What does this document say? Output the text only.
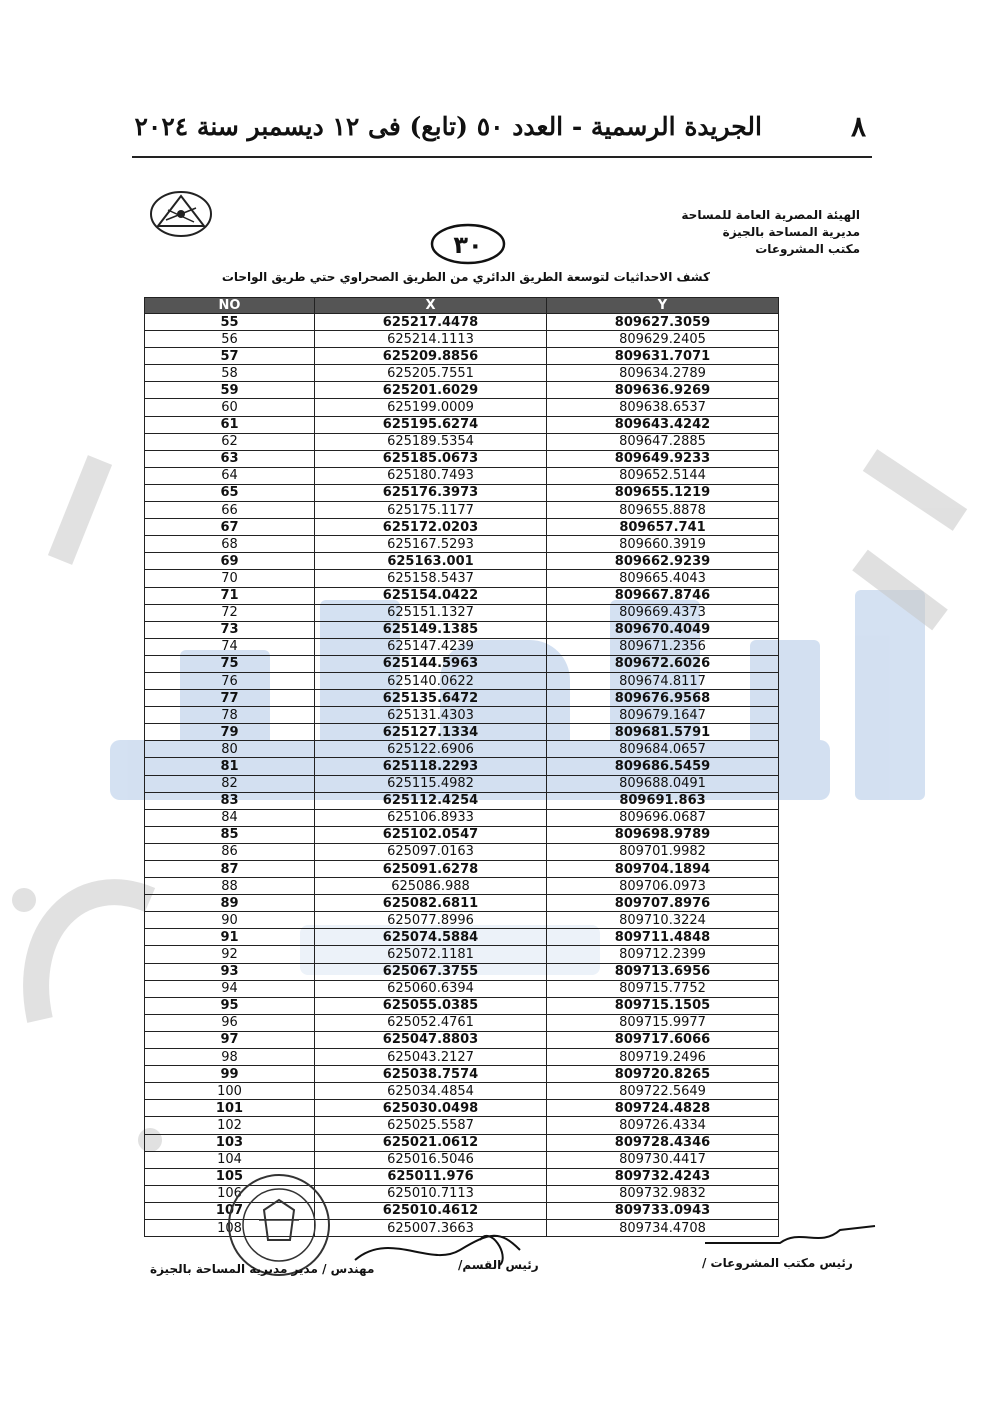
الجريدة الرسمية - العدد ٥٠ (تابع) فى ١٢ ديسمبر سنة ٢٠٢٤	٨
الهيئة المصرية العامة للمساحة
مديرية المساحة بالجيزة
مكتب المشروعات
٣٠
كشف الاحداثيات لتوسعة الطريق الدائري من الطريق الصحراوي حتي طريق الواحات
NO	X	Y
55	625217.4478	809627.3059
56	625214.1113	809629.2405
57	625209.8856	809631.7071
58	625205.7551	809634.2789
59	625201.6029	809636.9269
60	625199.0009	809638.6537
61	625195.6274	809643.4242
62	625189.5354	809647.2885
63	625185.0673	809649.9233
64	625180.7493	809652.5144
65	625176.3973	809655.1219
66	625175.1177	809655.8878
67	625172.0203	809657.741
68	625167.5293	809660.3919
69	625163.001	809662.9239
70	625158.5437	809665.4043
71	625154.0422	809667.8746
72	625151.1327	809669.4373
73	625149.1385	809670.4049
74	625147.4239	809671.2356
75	625144.5963	809672.6026
76	625140.0622	809674.8117
77	625135.6472	809676.9568
78	625131.4303	809679.1647
79	625127.1334	809681.5791
80	625122.6906	809684.0657
81	625118.2293	809686.5459
82	625115.4982	809688.0491
83	625112.4254	809691.863
84	625106.8933	809696.0687
85	625102.0547	809698.9789
86	625097.0163	809701.9982
87	625091.6278	809704.1894
88	625086.988	809706.0973
89	625082.6811	809707.8976
90	625077.8996	809710.3224
91	625074.5884	809711.4848
92	625072.1181	809712.2399
93	625067.3755	809713.6956
94	625060.6394	809715.7752
95	625055.0385	809715.1505
96	625052.4761	809715.9977
97	625047.8803	809717.6066
98	625043.2127	809719.2496
99	625038.7574	809720.8265
100	625034.4854	809722.5649
101	625030.0498	809724.4828
102	625025.5587	809726.4334
103	625021.0612	809728.4346
104	625016.5046	809730.4417
105	625011.976	809732.4243
106	625010.7113	809732.9832
107	625010.4612	809733.0943
108	625007.3663	809734.4708
مهندس / مدير مديرية المساحة بالجيزة	رئيس القسم/	رئيس مكتب المشروعات /
